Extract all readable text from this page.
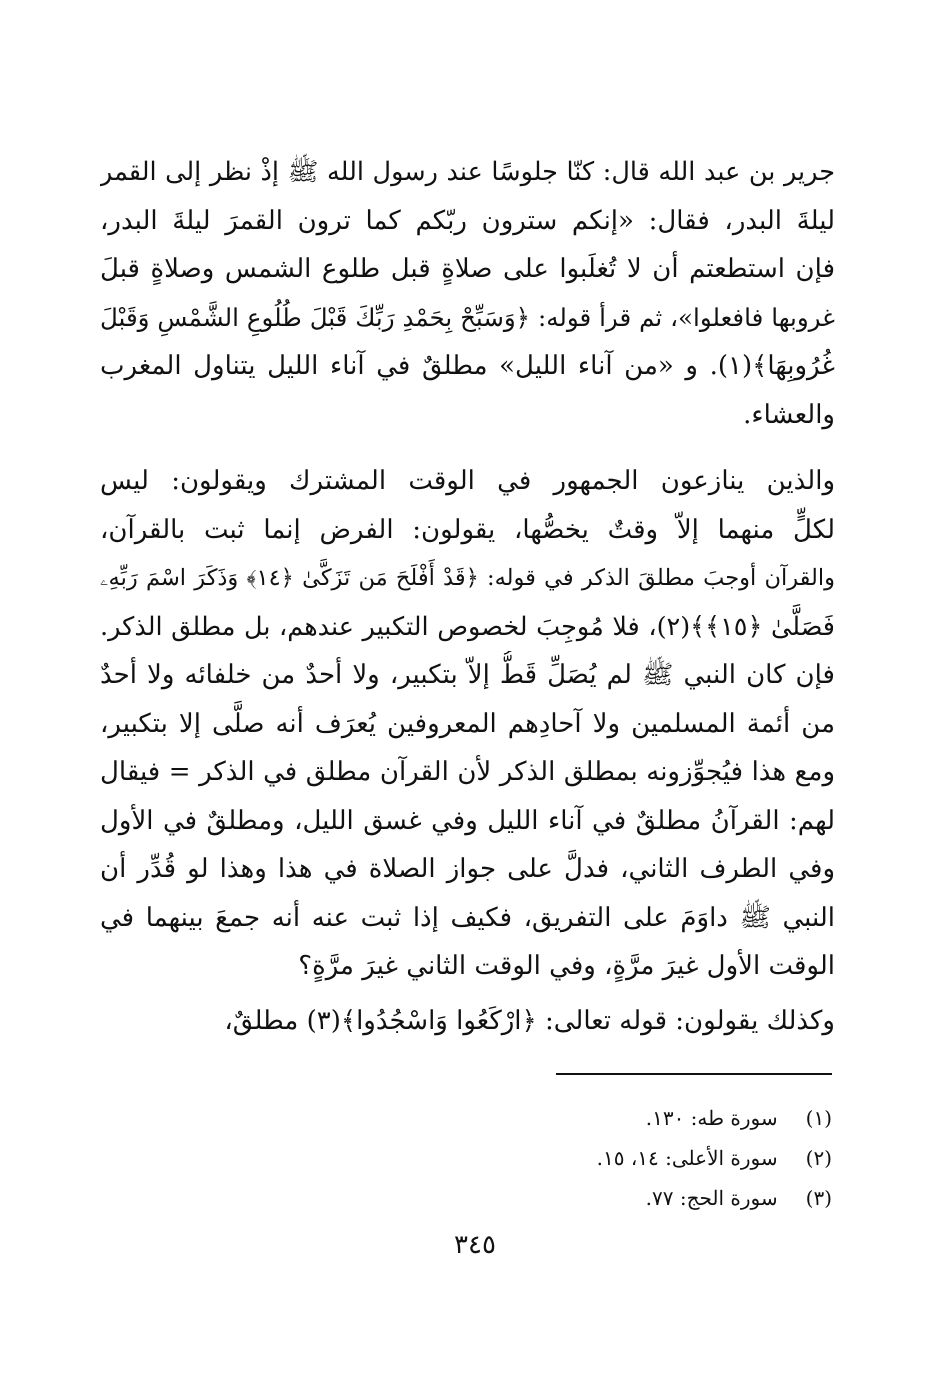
جرير بن عبد الله قال: كنّا جلوسًا عند رسول الله ﷺ إذْ نظر إلى القمر
ليلةَ البدر، فقال: «إنكم سترون ربّكم كما ترون القمرَ ليلةَ البدر،
فإن استطعتم أن لا تُغلَبوا على صلاةٍ قبل طلوع الشمس وصلاةٍ قبلَ
غروبها فافعلوا»، ثم قرأ قوله: ﴿وَسَبِّحْ بِحَمْدِ رَبِّكَ قَبْلَ طُلُوعِ الشَّمْسِ وَقَبْلَ
غُرُوبِهَا﴾(١). و «من آناء الليل» مطلقٌ في آناء الليل يتناول المغرب
والعشاء.
والذين ينازعون الجمهور في الوقت المشترك ويقولون: ليس
لكلٍّ منهما إلاّ وقتٌ يخصُّها، يقولون: الفرض إنما ثبت بالقرآن،
والقرآن أوجبَ مطلقَ الذكر في قوله: ﴿قَدْ أَفْلَحَ مَن تَزَكَّىٰ ﴿١٤﴾ وَذَكَرَ اسْمَ رَبِّهِۦ
فَصَلَّىٰ ﴿١٥﴾﴾(٢)، فلا مُوجِبَ لخصوص التكبير عندهم، بل مطلق الذكر.
فإن كان النبي ﷺ لم يُصَلِّ قَطُّ إلاّ بتكبير، ولا أحدٌ من خلفائه ولا أحدٌ
من أئمة المسلمين ولا آحادِهم المعروفين يُعرَف أنه صلَّى إلا بتكبير،
ومع هذا فيُجوِّزونه بمطلق الذكر لأن القرآن مطلق في الذكر = فيقال
لهم: القرآنُ مطلقٌ في آناء الليل وفي غسق الليل، ومطلقٌ في الأول
وفي الطرف الثاني، فدلَّ على جواز الصلاة في هذا وهذا لو قُدِّر أن
النبي ﷺ داوَمَ على التفريق، فكيف إذا ثبت عنه أنه جمعَ بينهما في
الوقت الأول غيرَ مرَّةٍ، وفي الوقت الثاني غيرَ مرَّةٍ؟
وكذلك يقولون: قوله تعالى: ﴿ارْكَعُوا وَاسْجُدُوا﴾(٣) مطلقٌ،
(١) سورة طه: ١٣٠.
(٢) سورة الأعلى: ١٤، ١٥.
(٣) سورة الحج: ٧٧.
٣٤٥
